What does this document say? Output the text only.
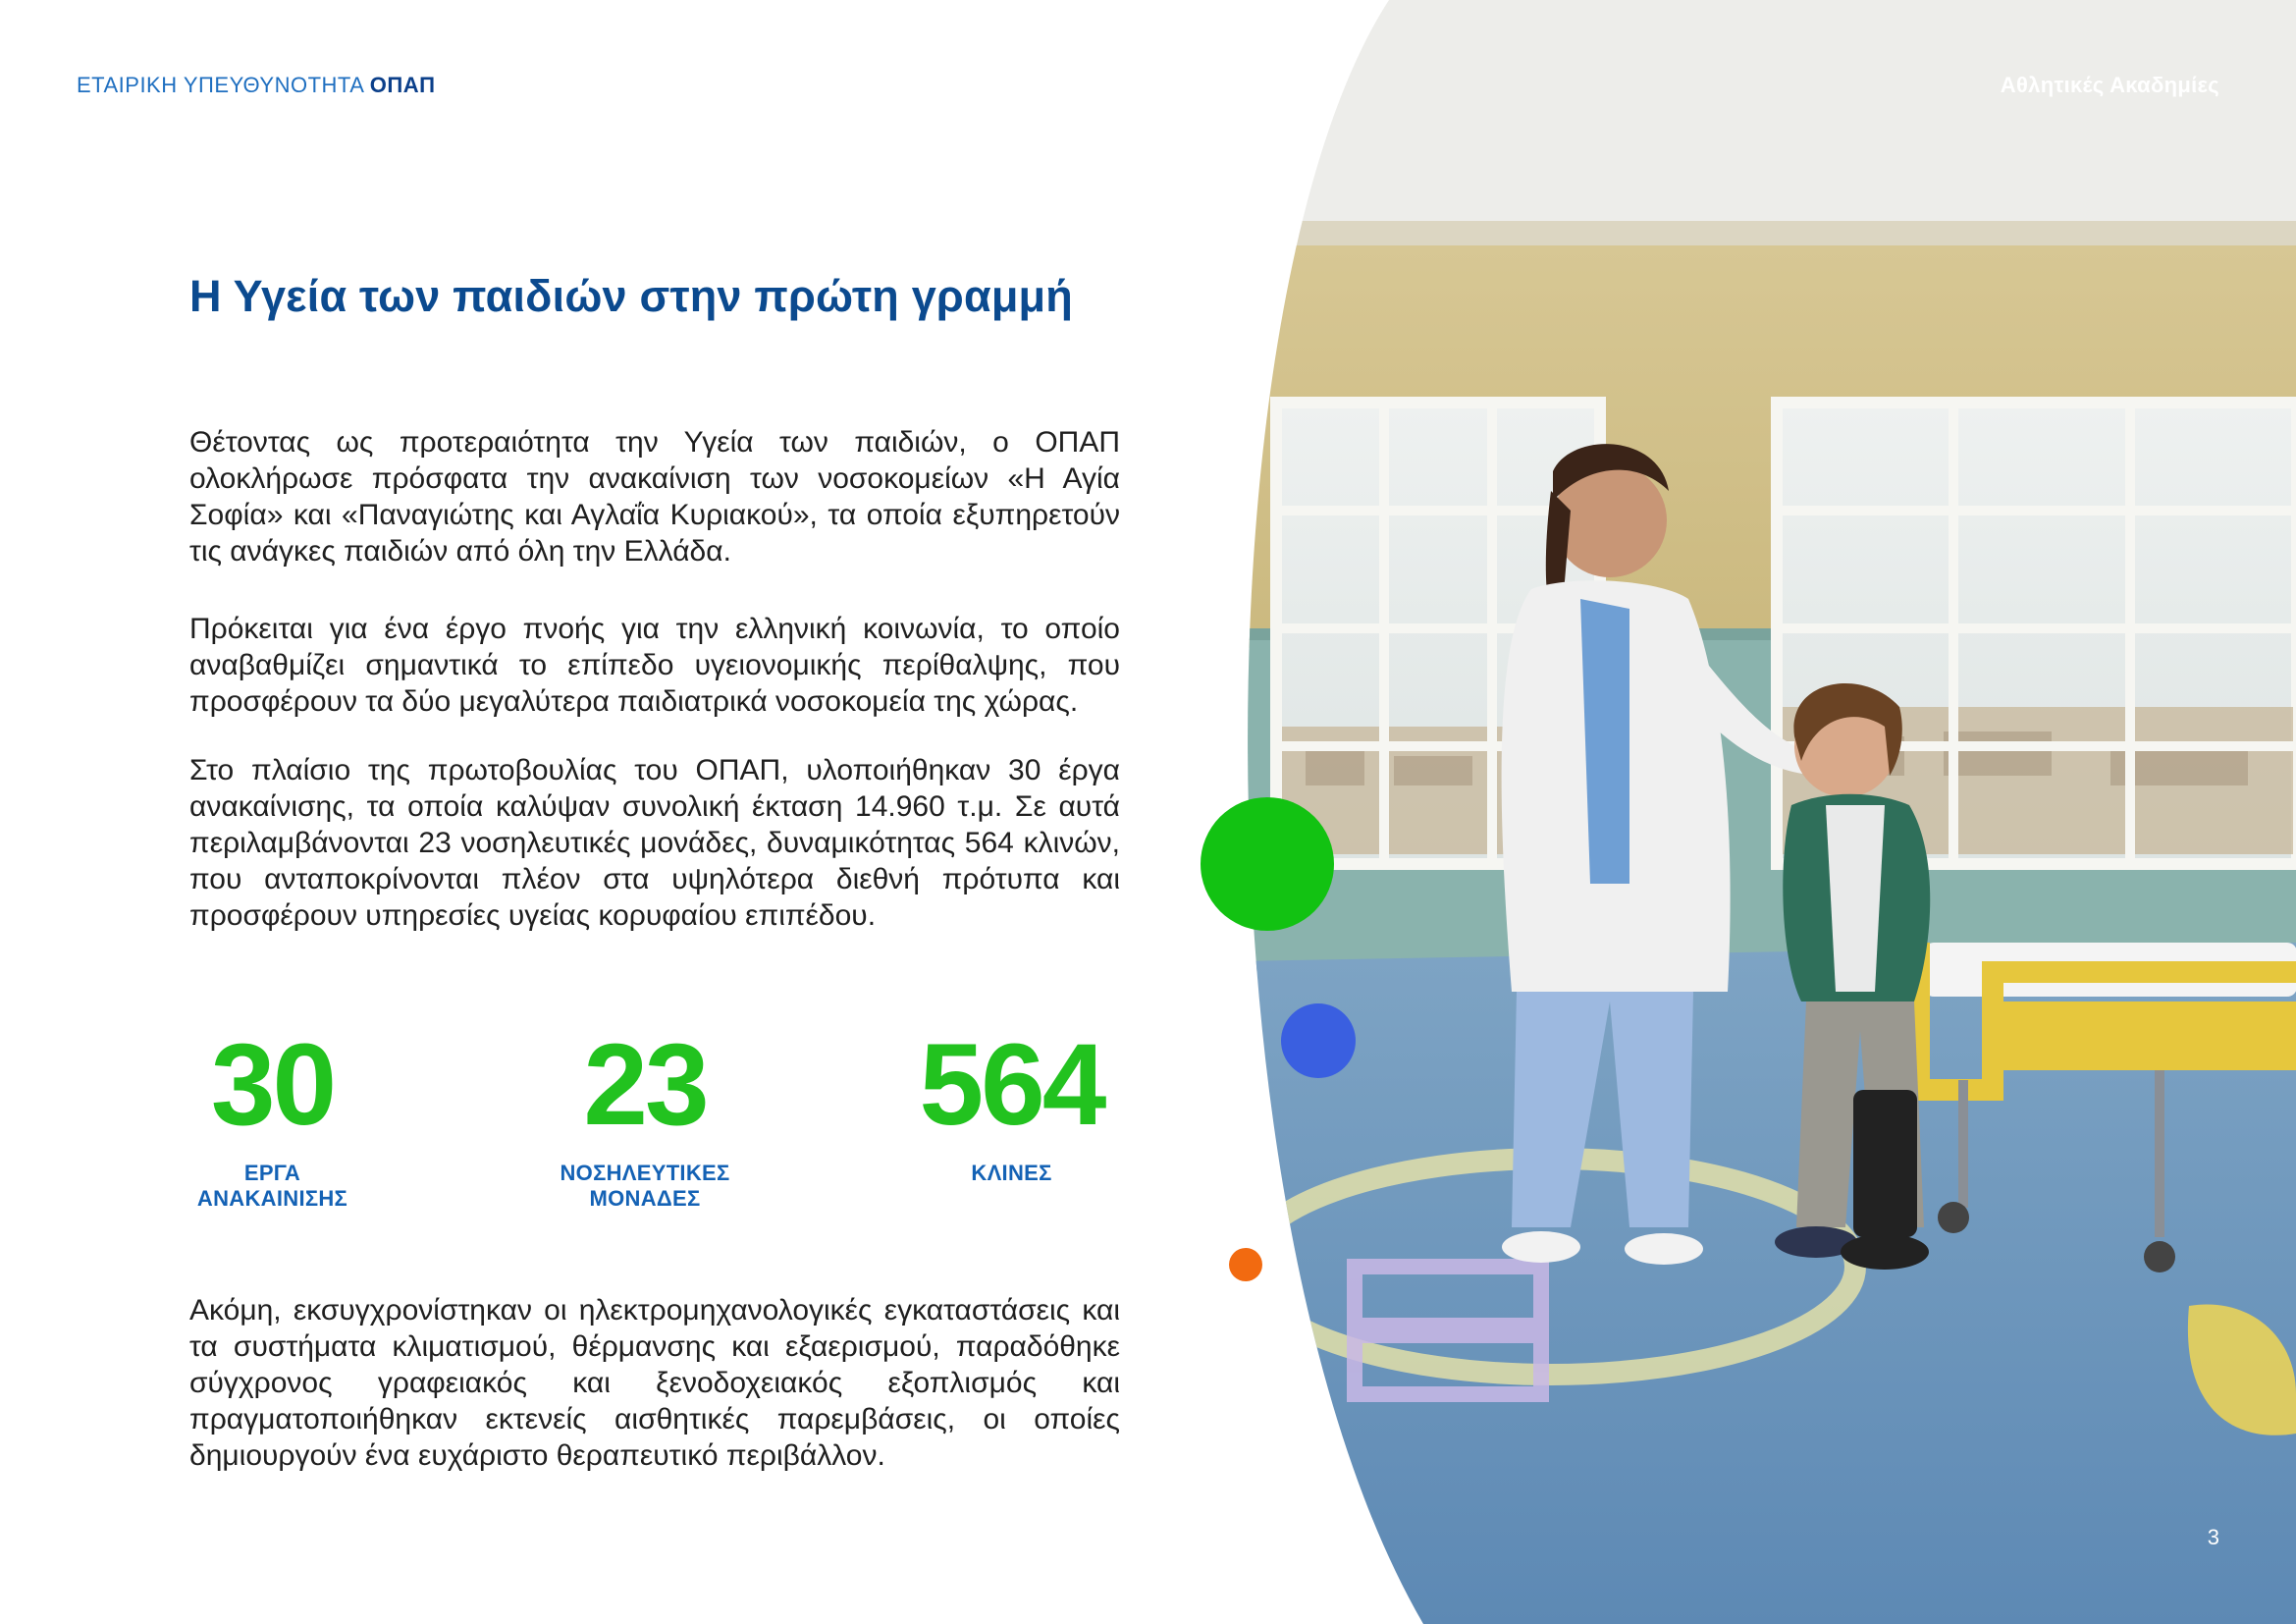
ΕΤΑΙΡΙΚΗ ΥΠΕΥΘΥΝΟΤΗΤΑ ΟΠΑΠ	Αθλητικές Ακαδημίες
Η Υγεία των παιδιών στην πρώτη γραμμή

Θέτοντας ως προτεραιότητα την Υγεία των παιδιών, ο ΟΠΑΠ ολοκλήρωσε πρόσφατα την ανακαίνιση των νοσοκομείων «Η Αγία Σοφία» και «Παναγιώτης και Αγλαΐα Κυριακού», τα οποία εξυπηρετούν τις ανάγκες παιδιών από όλη την Ελλάδα.

Πρόκειται για ένα έργο πνοής για την ελληνική κοινωνία, το οποίο αναβαθμίζει σημαντικά το επίπεδο υγειονομικής περίθαλψης, που προσφέρουν τα δύο μεγαλύτερα παιδιατρικά νοσοκομεία της χώρας.

Στο πλαίσιο της πρωτοβουλίας του ΟΠΑΠ, υλοποιήθηκαν 30 έργα ανακαίνισης, τα οποία καλύψαν συνολική έκταση 14.960 τ.μ. Σε αυτά περιλαμβάνονται 23 νοσηλευτικές μονάδες, δυναμικότητας 564 κλινών, που ανταποκρίνονται πλέον στα υψηλότερα διεθνή πρότυπα και προσφέρουν υπηρεσίες υγείας κορυφαίου επιπέδου.

30
ΕΡΓΑ
ΑΝΑΚΑΙΝΙΣΗΣ
23
ΝΟΣΗΛΕΥΤΙΚΕΣ
ΜΟΝΑΔΕΣ
564
ΚΛΙΝΕΣ

Ακόμη, εκσυγχρονίστηκαν οι ηλεκτρομηχανολογικές εγκαταστάσεις και τα συστήματα κλιματισμού, θέρμανσης και εξαερισμού, παραδόθηκε σύγχρονος γραφειακός και ξενοδοχειακός εξοπλισμός και πραγματοποιήθηκαν εκτενείς αισθητικές παρεμβάσεις, οι οποίες δημιουργούν ένα ευχάριστο θεραπευτικό περιβάλλον.

3
